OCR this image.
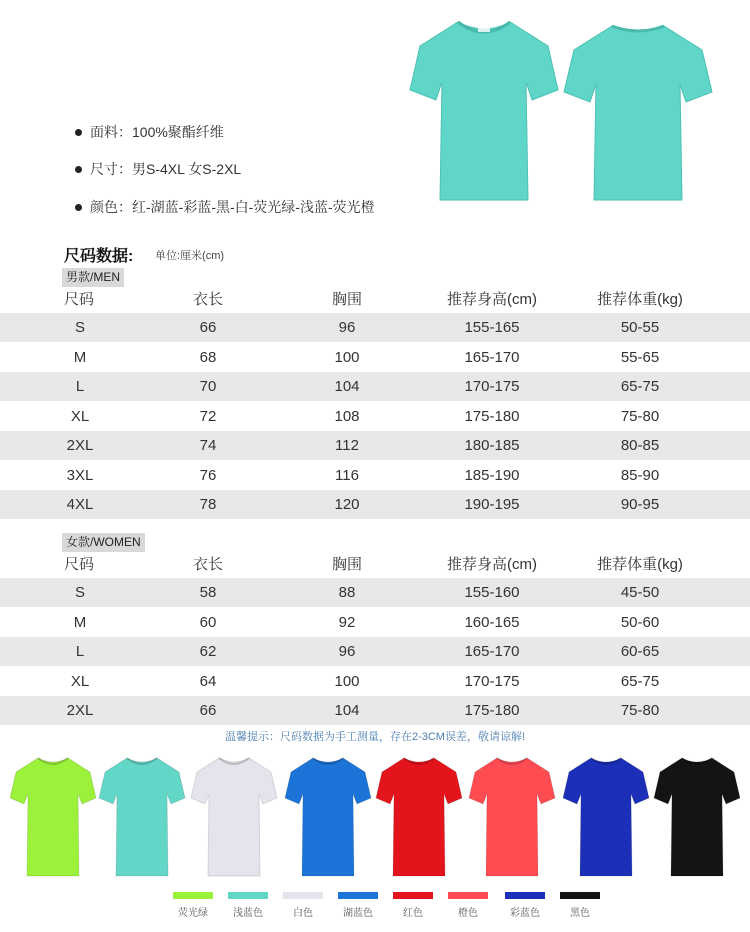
面料：100%聚酯纤维
尺寸：男S-4XL 女S-2XL
颜色：红-湖蓝-彩蓝-黑-白-荧光绿-浅蓝-荧光橙
尺码数据: 单位:厘米(cm)
男款/MEN
尺码	衣长	胸围	推荐身高(cm)	推荐体重(kg)
S	66	96	155-165	50-55
M	68	100	165-170	55-65
L	70	104	170-175	65-75
XL	72	108	175-180	75-80
2XL	74	112	180-185	80-85
3XL	76	116	185-190	85-90
4XL	78	120	190-195	90-95
女款/WOMEN
尺码	衣长	胸围	推荐身高(cm)	推荐体重(kg)
S	58	88	155-160	45-50
M	60	92	160-165	50-60
L	62	96	165-170	60-65
XL	64	100	170-175	65-75
2XL	66	104	175-180	75-80
温馨提示：尺码数据为手工测量，存在2-3CM误差，敬请谅解!
荧光绿	浅蓝色	白色	湖蓝色	红色	橙色	彩蓝色	黑色
